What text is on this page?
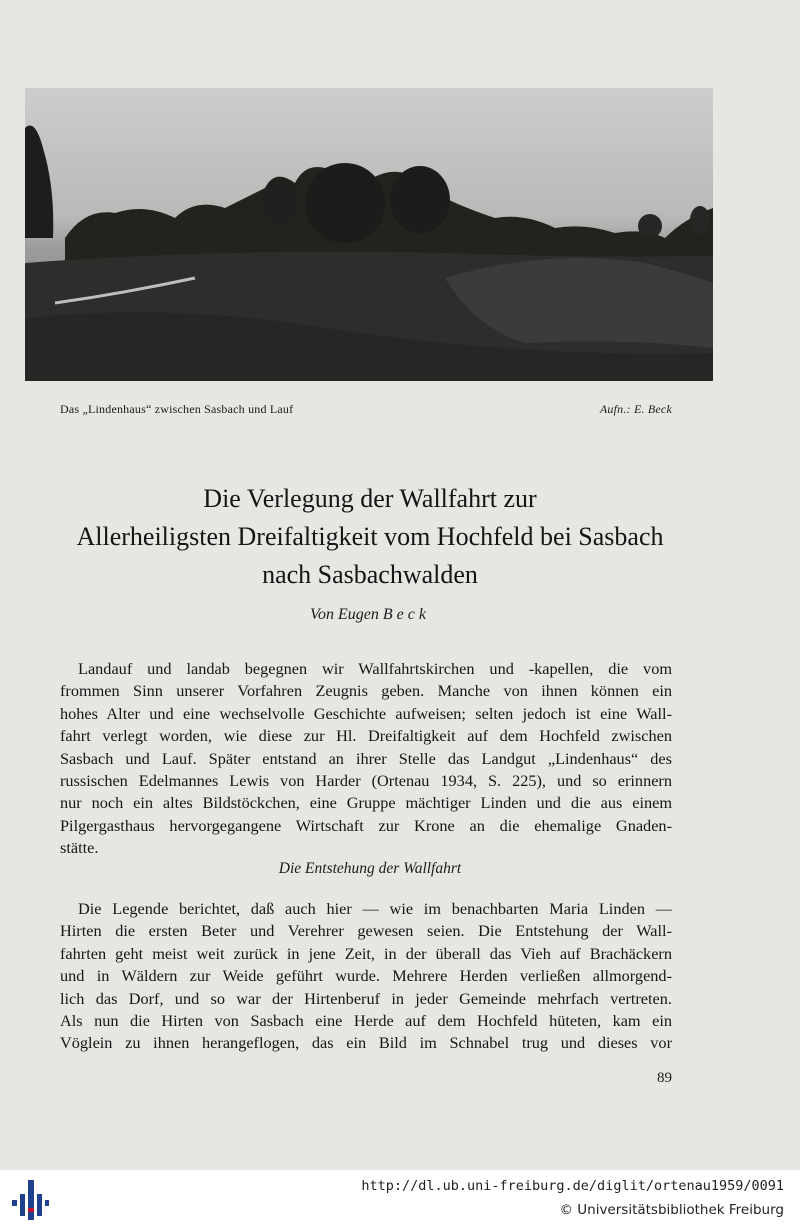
Das „Lindenhaus“ zwischen Sasbach und Lauf	Aufn.: E. Beck
Die Verlegung der Wallfahrt zur
Allerheiligsten Dreifaltigkeit vom Hochfeld bei Sasbach
nach Sasbachwalden
Von Eugen Beck
Landauf und landab begegnen wir Wallfahrtskirchen und -kapellen, die vom
frommen Sinn unserer Vorfahren Zeugnis geben. Manche von ihnen können ein
hohes Alter und eine wechselvolle Geschichte aufweisen; selten jedoch ist eine Wall-
fahrt verlegt worden, wie diese zur Hl. Dreifaltigkeit auf dem Hochfeld zwischen
Sasbach und Lauf. Später entstand an ihrer Stelle das Landgut „Lindenhaus“ des
russischen Edelmannes Lewis von Harder (Ortenau 1934, S. 225), und so erinnern
nur noch ein altes Bildstöckchen, eine Gruppe mächtiger Linden und die aus einem
Pilgergasthaus hervorgegangene Wirtschaft zur Krone an die ehemalige Gnaden-
stätte.
Die Entstehung der Wallfahrt
Die Legende berichtet, daß auch hier — wie im benachbarten Maria Linden —
Hirten die ersten Beter und Verehrer gewesen seien. Die Entstehung der Wall-
fahrten geht meist weit zurück in jene Zeit, in der überall das Vieh auf Brachäckern
und in Wäldern zur Weide geführt wurde. Mehrere Herden verließen allmorgend-
lich das Dorf, und so war der Hirtenberuf in jeder Gemeinde mehrfach vertreten.
Als nun die Hirten von Sasbach eine Herde auf dem Hochfeld hüteten, kam ein
Vöglein zu ihnen herangeflogen, das ein Bild im Schnabel trug und dieses vor
89
http://dl.ub.uni-freiburg.de/diglit/ortenau1959/0091
© Universitätsbibliothek Freiburg
